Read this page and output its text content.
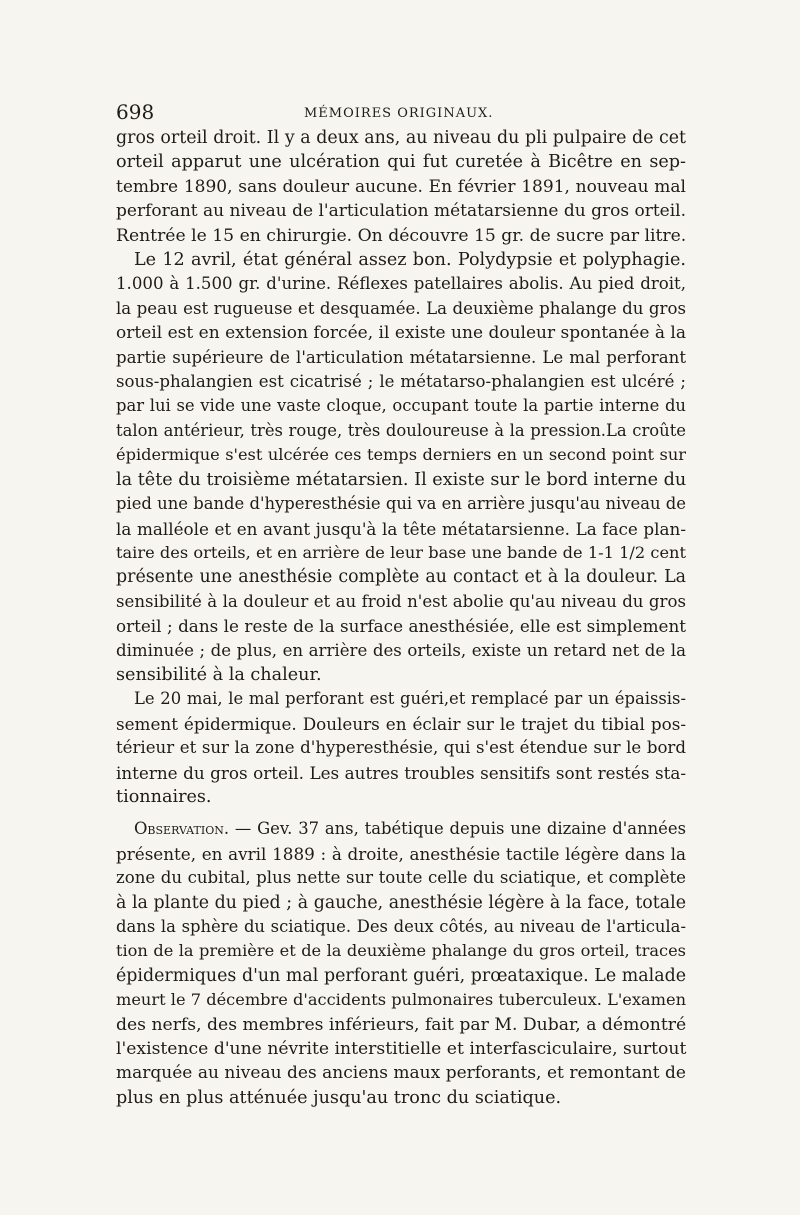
698	MÉMOIRES ORIGINAUX.
gros orteil droit. Il y a deux ans, au niveau du pli pulpaire de cet
orteil apparut une ulcération qui fut curetée à Bicêtre en sep-
tembre 1890, sans douleur aucune. En février 1891, nouveau mal
perforant au niveau de l'articulation métatarsienne du gros orteil.
Rentrée le 15 en chirurgie. On découvre 15 gr. de sucre par litre.
Le 12 avril, état général assez bon. Polydypsie et polyphagie.
1.000 à 1.500 gr. d'urine. Réflexes patellaires abolis. Au pied droit,
la peau est rugueuse et desquamée. La deuxième phalange du gros
orteil est en extension forcée, il existe une douleur spontanée à la
partie supérieure de l'articulation métatarsienne. Le mal perforant
sous-phalangien est cicatrisé ; le métatarso-phalangien est ulcéré ;
par lui se vide une vaste cloque, occupant toute la partie interne du
talon antérieur, très rouge, très douloureuse à la pression.La croûte
épidermique s'est ulcérée ces temps derniers en un second point sur
la tête du troisième métatarsien. Il existe sur le bord interne du
pied une bande d'hyperesthésie qui va en arrière jusqu'au niveau de
la malléole et en avant jusqu'à la tête métatarsienne. La face plan-
taire des orteils, et en arrière de leur base une bande de 1-1 1/2 cent
présente une anesthésie complète au contact et à la douleur. La
sensibilité à la douleur et au froid n'est abolie qu'au niveau du gros
orteil ; dans le reste de la surface anesthésiée, elle est simplement
diminuée ; de plus, en arrière des orteils, existe un retard net de la
sensibilité à la chaleur.
Le 20 mai, le mal perforant est guéri,et remplacé par un épaissis-
sement épidermique. Douleurs en éclair sur le trajet du tibial pos-
térieur et sur la zone d'hyperesthésie, qui s'est étendue sur le bord
interne du gros orteil. Les autres troubles sensitifs sont restés sta-
tionnaires.
Observation. — Gev. 37 ans, tabétique depuis une dizaine d'années
présente, en avril 1889 : à droite, anesthésie tactile légère dans la
zone du cubital, plus nette sur toute celle du sciatique, et complète
à la plante du pied ; à gauche, anesthésie légère à la face, totale
dans la sphère du sciatique. Des deux côtés, au niveau de l'articula-
tion de la première et de la deuxième phalange du gros orteil, traces
épidermiques d'un mal perforant guéri, prœataxique. Le malade
meurt le 7 décembre d'accidents pulmonaires tuberculeux. L'examen
des nerfs, des membres inférieurs, fait par M. Dubar, a démontré
l'existence d'une névrite interstitielle et interfasciculaire, surtout
marquée au niveau des anciens maux perforants, et remontant de
plus en plus atténuée jusqu'au tronc du sciatique.
